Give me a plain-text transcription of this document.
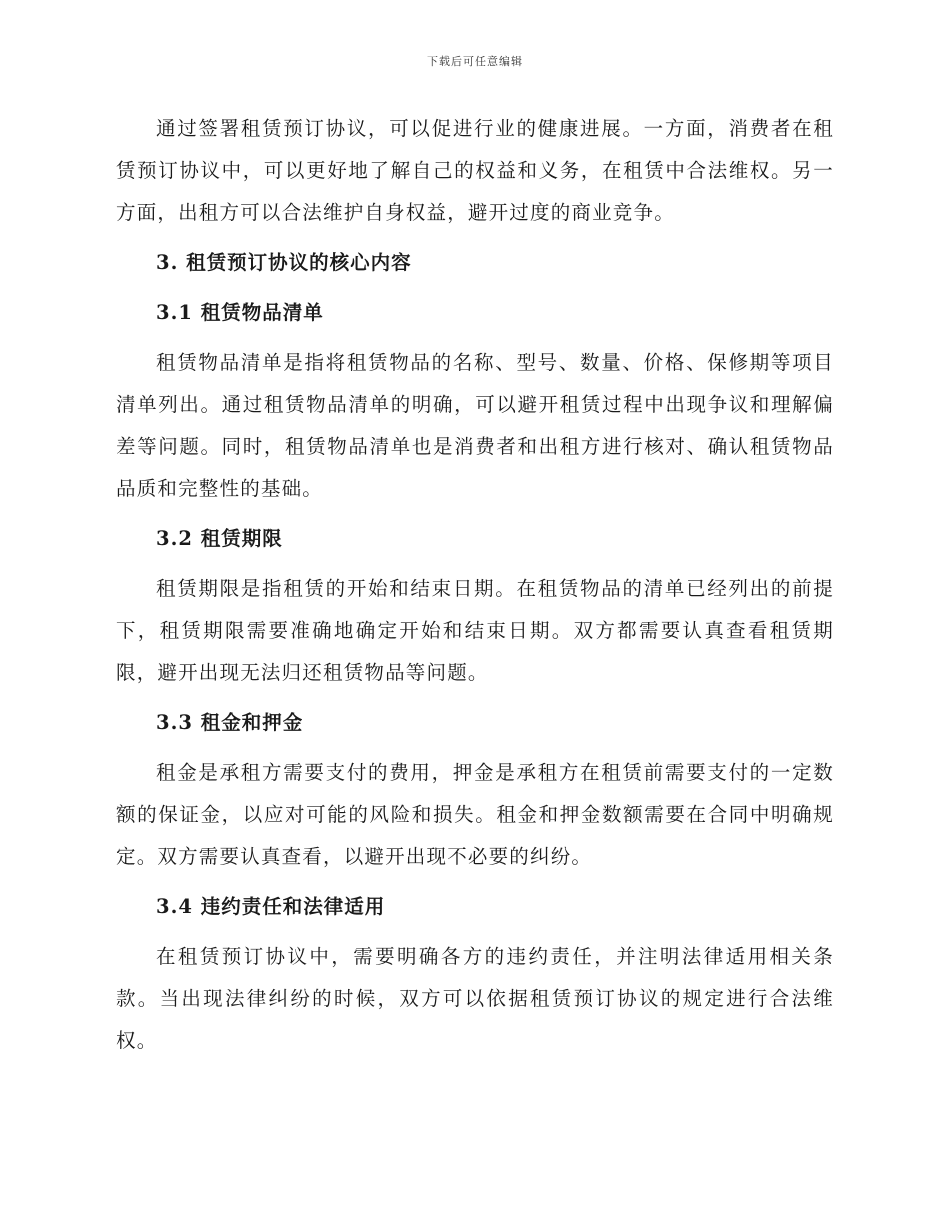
下载后可任意编辑

通过签署租赁预订协议，可以促进行业的健康进展。一方面，消费者在租赁预订协议中，可以更好地了解自己的权益和义务，在租赁中合法维权。另一方面，出租方可以合法维护自身权益，避开过度的商业竞争。

3. 租赁预订协议的核心内容
3.1 租赁物品清单

租赁物品清单是指将租赁物品的名称、型号、数量、价格、保修期等项目清单列出。通过租赁物品清单的明确，可以避开租赁过程中出现争议和理解偏差等问题。同时，租赁物品清单也是消费者和出租方进行核对、确认租赁物品品质和完整性的基础。

3.2 租赁期限

租赁期限是指租赁的开始和结束日期。在租赁物品的清单已经列出的前提下，租赁期限需要准确地确定开始和结束日期。双方都需要认真查看租赁期限，避开出现无法归还租赁物品等问题。

3.3 租金和押金

租金是承租方需要支付的费用，押金是承租方在租赁前需要支付的一定数额的保证金，以应对可能的风险和损失。租金和押金数额需要在合同中明确规定。双方需要认真查看，以避开出现不必要的纠纷。

3.4 违约责任和法律适用

在租赁预订协议中，需要明确各方的违约责任，并注明法律适用相关条款。当出现法律纠纷的时候，双方可以依据租赁预订协议的规定进行合法维权。
